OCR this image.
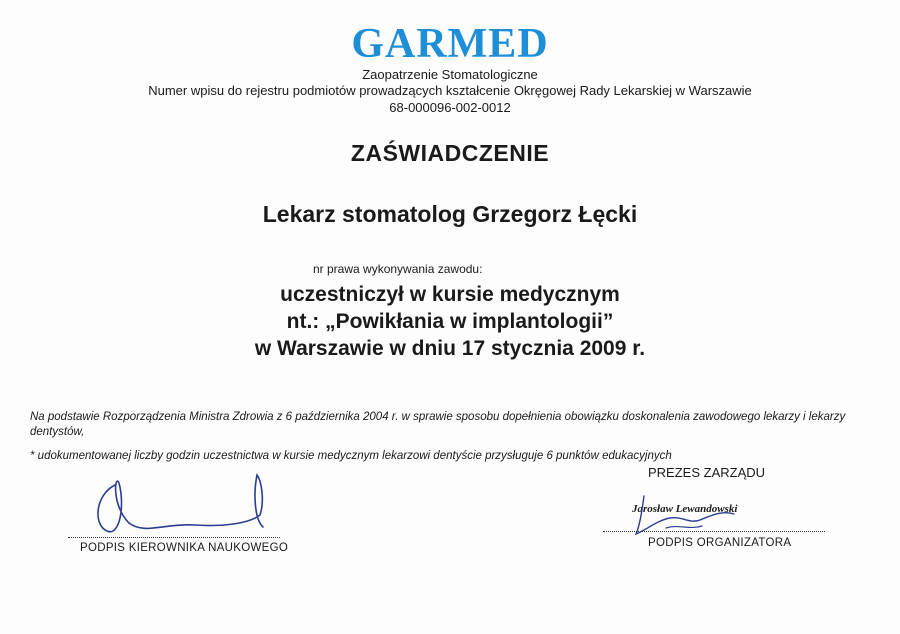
GARMED
Zaopatrzenie Stomatologiczne
Numer wpisu do rejestru podmiotów prowadzących kształcenie Okręgowej Rady Lekarskiej w Warszawie
68-000096-002-0012
ZAŚWIADCZENIE
Lekarz stomatolog Grzegorz Łęcki
nr prawa wykonywania zawodu:
uczestniczył w kursie medycznym
nt.: „Powikłania w implantologii”
w Warszawie w dniu 17 stycznia 2009 r.
Na podstawie Rozporządzenia Ministra Zdrowia z 6 października 2004 r. w sprawie sposobu dopełnienia obowiązku doskonalenia zawodowego lekarzy i lekarzy dentystów,
* udokumentowanej liczby godzin uczestnictwa w kursie medycznym lekarzowi dentyście przysługuje 6 punktów edukacyjnych
PREZES ZARZĄDU
PODPIS KIEROWNIKA NAUKOWEGO
Jarosław Lewandowski
PODPIS ORGANIZATORA
